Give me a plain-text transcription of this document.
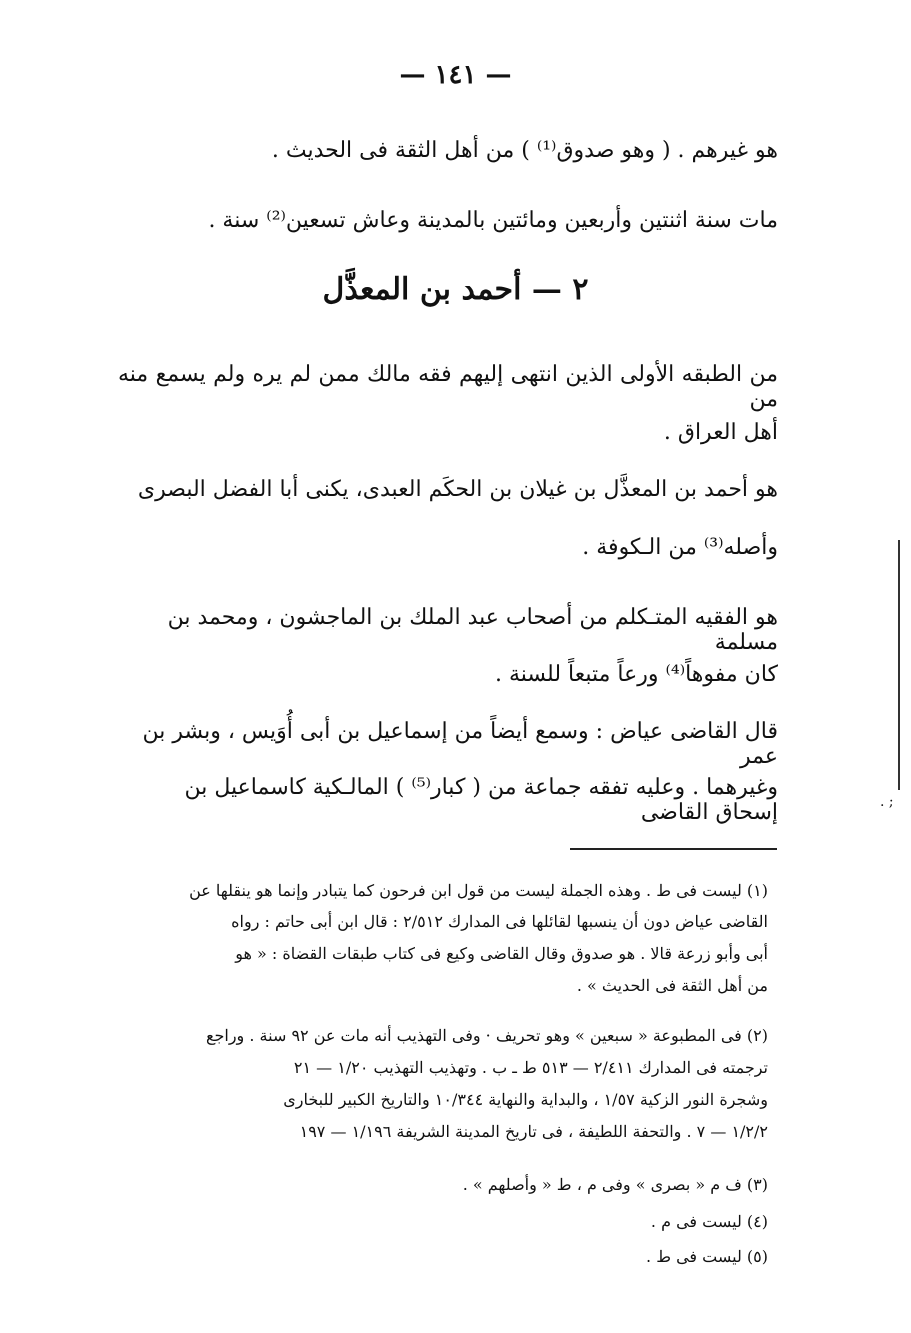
— ١٤١ —
هو غيرهم . ( وهو صدوق⁽¹⁾ ) من أهل الثقة فى الحديث .
مات سنة اثنتين وأربعين ومائتين بالمدينة وعاش تسعين⁽²⁾ سنة .
٢ — أحمد بن المعذَّل
من الطبقه الأولى الذين انتهى إليهم فقه مالك ممن لم يره ولم يسمع منه من
أهل العراق .
هو أحمد بن المعذَّل بن غيلان بن الحكَم العبدى، يكنى أبا الفضل البصرى
وأصله⁽³⁾ من الـكوفة .
هو الفقيه المتـكلم من أصحاب عبد الملك بن الماجشون ، ومحمد بن مسلمة
كان مفوهاً⁽⁴⁾ ورعاً متبعاً للسنة .
قال القاضى عياض : وسمع أيضاً من إسماعيل بن أبى أُوَيس ، وبشر بن عمر
وغيرهما . وعليه تفقه جماعة من ( كبار⁽⁵⁾ ) المالـكية كاسماعيل بن إسحاق القاضى
(١) ليست فى ط . وهذه الجملة ليست من قول ابن فرحون كما يتبادر وإنما هو ينقلها عن
القاضى عياض دون أن ينسبها لقائلها فى المدارك ٢/٥١٢ : قال ابن أبى حاتم : رواه
أبى وأبو زرعة قالا . هو صدوق وقال القاضى وكيع فى كتاب طبقات القضاة : « هو
من أهل الثقة فى الحديث » .
(٢) فى المطبوعة « سبعين » وهو تحريف · وفى التهذيب أنه مات عن ٩٢ سنة . وراجع
ترجمته فى المدارك ٢/٤١١ — ٥١٣ ط ـ ب . وتهذيب التهذيب ١/٢٠ — ٢١
وشجرة النور الزكية ١/٥٧ ، والبداية والنهاية ١٠/٣٤٤ والتاريخ الكبير للبخارى
١/٢/٢ — ٧ . والتحفة اللطيفة ، فى تاريخ المدينة الشريفة ١/١٩٦ — ١٩٧
(٣) ف م « بصرى » وفى م ، ط « وأصلهم » .
(٤) ليست فى م .
(٥) ليست فى ط .
. ;
